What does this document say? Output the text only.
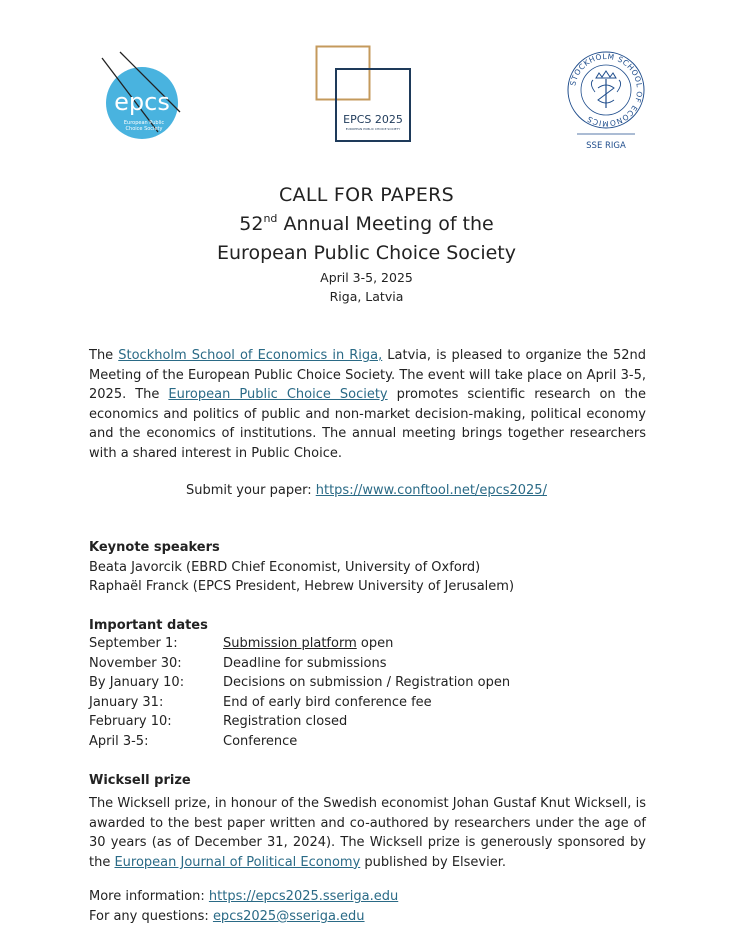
epcs
European Public
Choice Society
EPCS 2025
EUROPEAN PUBLIC CHOICE SOCIETY
STOCKHOLM SCHOOL OF ECONOMICS
SSE RIGA
CALL FOR PAPERS
52nd Annual Meeting of the
European Public Choice Society
April 3-5, 2025
Riga, Latvia
The Stockholm School of Economics in Riga, Latvia, is pleased to organize the 52nd Meeting of the European Public Choice Society. The event will take place on April 3-5, 2025. The European Public Choice Society promotes scientific research on the economics and politics of public and non-market decision-making, political economy and the economics of institutions. The annual meeting brings together researchers with a shared interest in Public Choice.
Submit your paper: https://www.conftool.net/epcs2025/
Keynote speakers
Beata Javorcik (EBRD Chief Economist, University of Oxford)
Raphaël Franck (EPCS President, Hebrew University of Jerusalem)
Important dates
September 1:	Submission platform open
November 30:	Deadline for submissions
By January 10:	Decisions on submission / Registration open
January 31:	End of early bird conference fee
February 10:	Registration closed
April 3-5:	Conference
Wicksell prize
The Wicksell prize, in honour of the Swedish economist Johan Gustaf Knut Wicksell, is awarded to the best paper written and co-authored by researchers under the age of 30 years (as of December 31, 2024). The Wicksell prize is generously sponsored by the European Journal of Political Economy published by Elsevier.
More information: https://epcs2025.sseriga.edu
For any questions: epcs2025@sseriga.edu
